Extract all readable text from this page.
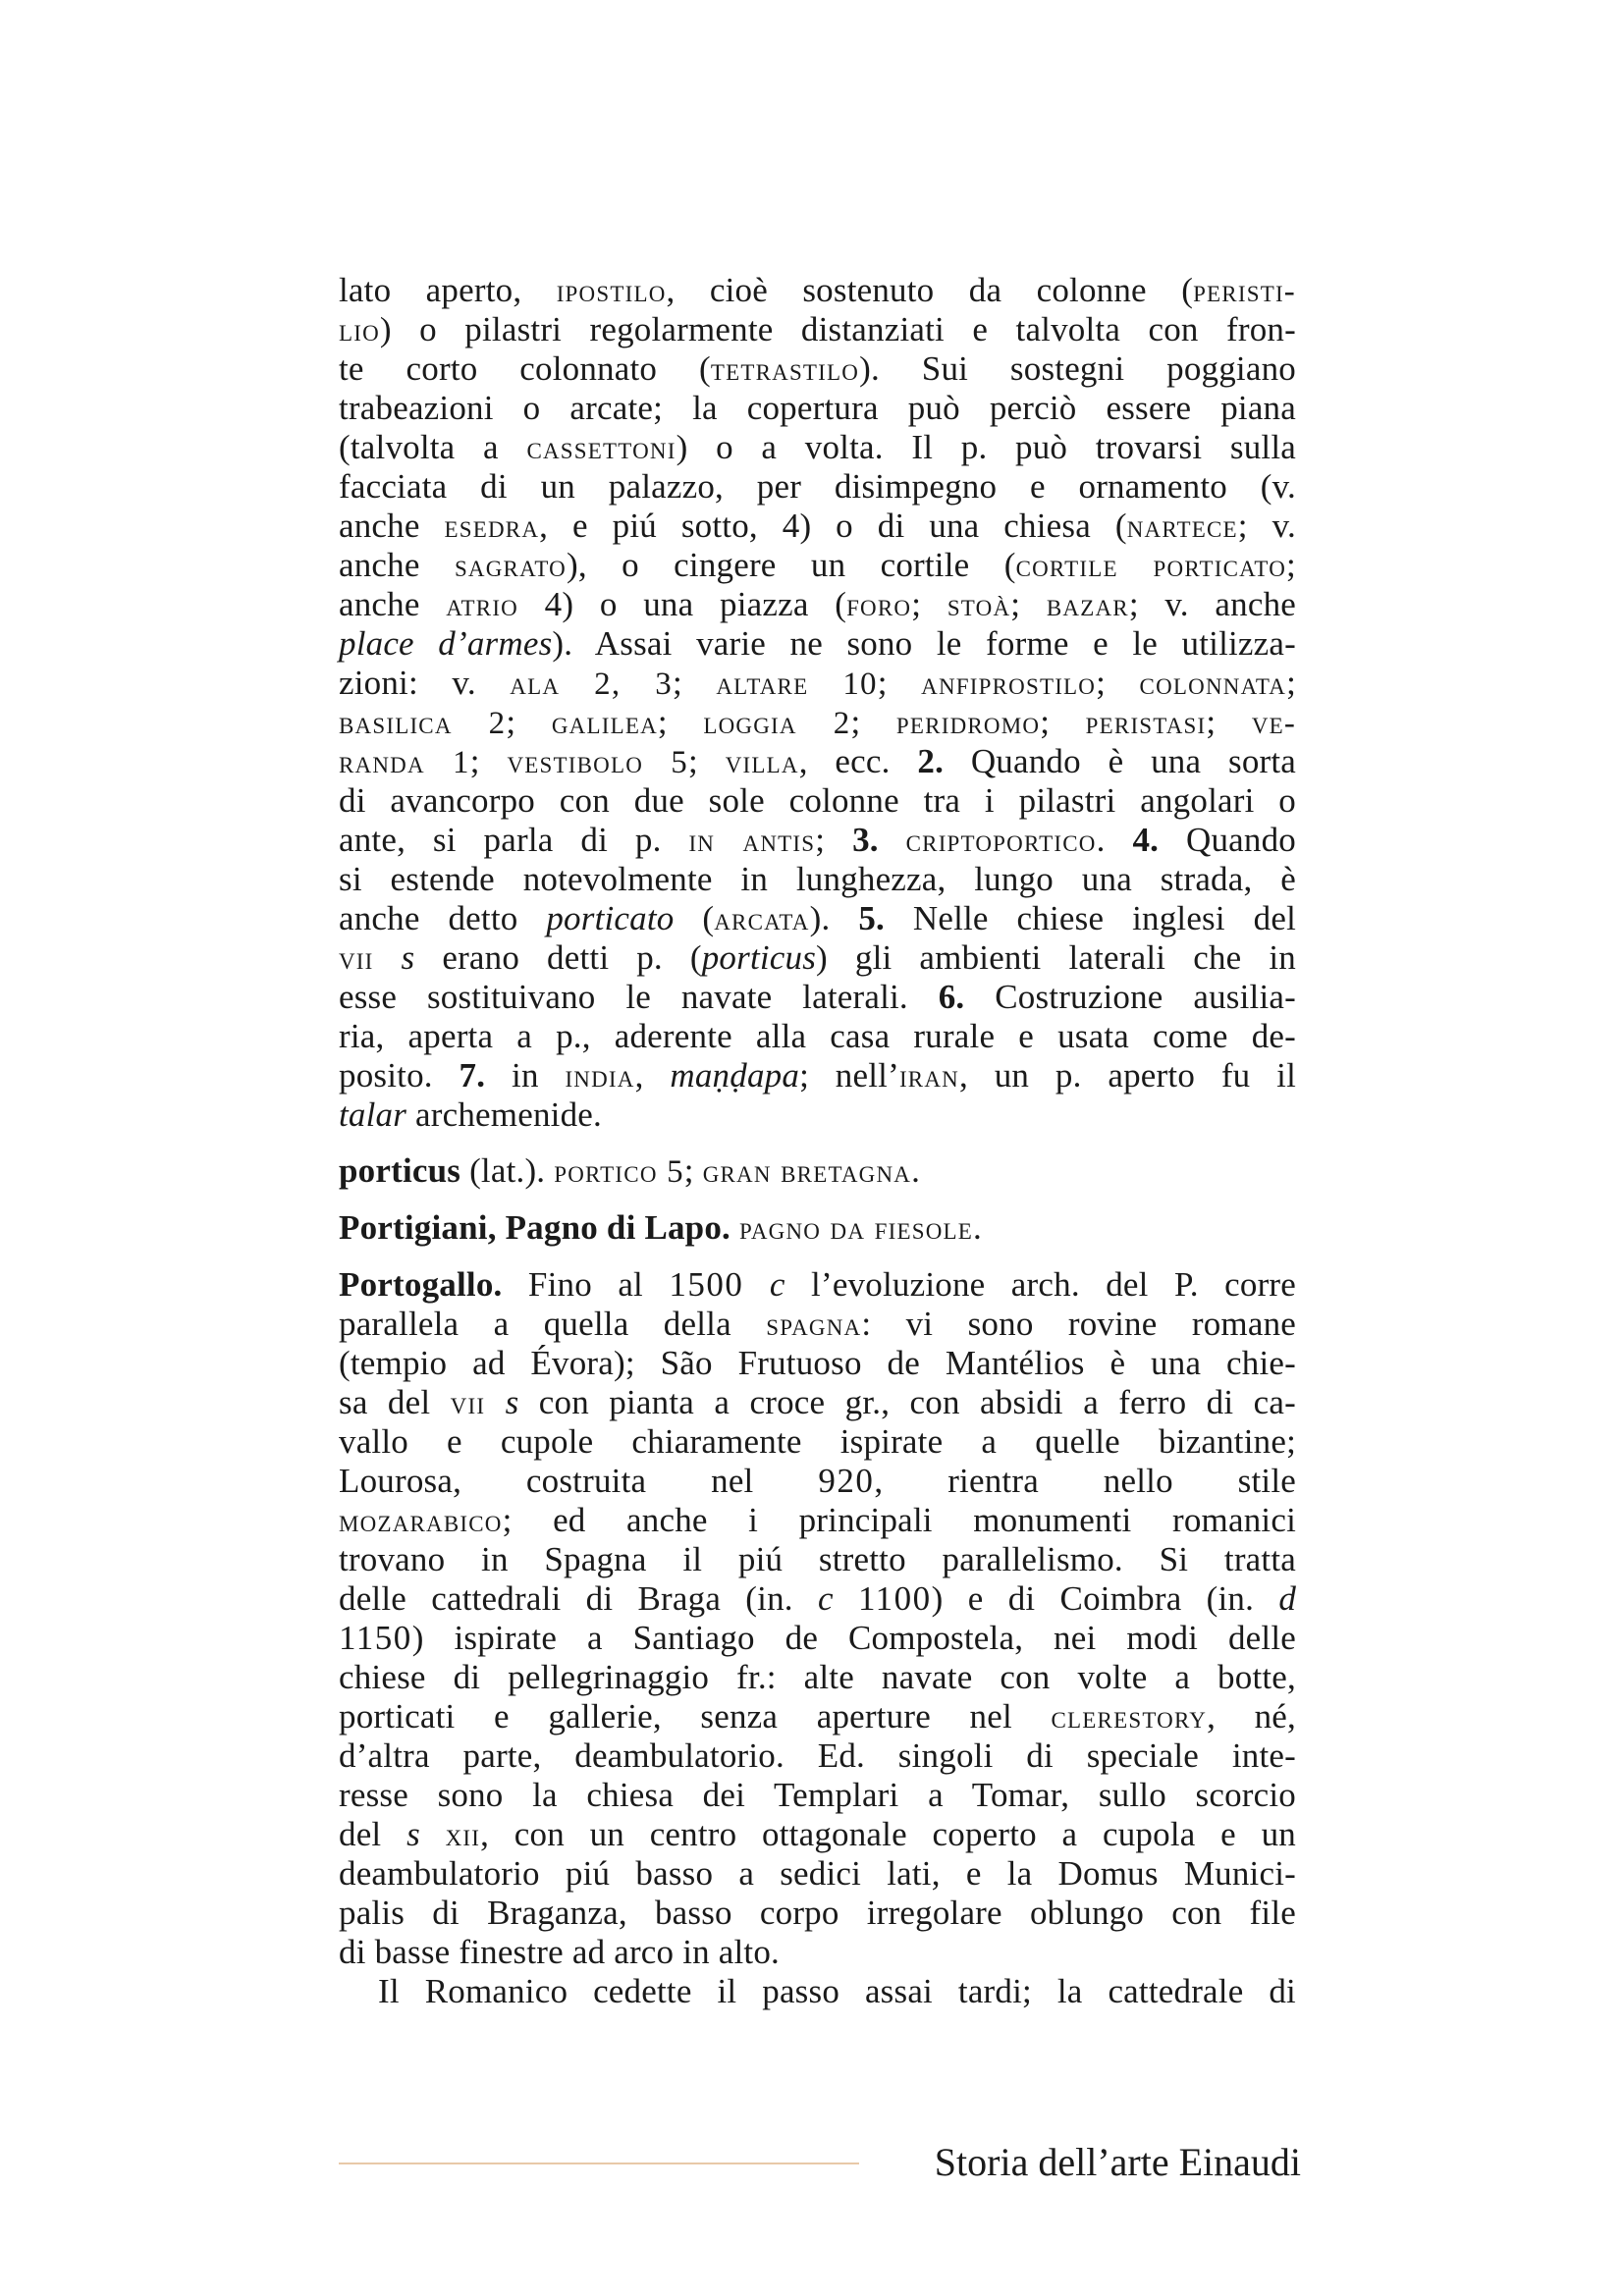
lato aperto, ipostilo, cioè sostenuto da colonne (peristi-
lio) o pilastri regolarmente distanziati e talvolta con fron-
te corto colonnato (tetrastilo). Sui sostegni poggiano
trabeazioni o arcate; la copertura può perciò essere piana
(talvolta a cassettoni) o a volta. Il p. può trovarsi sulla
facciata di un palazzo, per disimpegno e ornamento (v.
anche esedra, e piú sotto, 4) o di una chiesa (nartece; v.
anche sagrato), o cingere un cortile (cortile porticato;
anche atrio 4) o una piazza (foro; stoà; bazar; v. anche
place d’armes). Assai varie ne sono le forme e le utilizza-
zioni: v. ala 2, 3; altare 10; anfiprostilo; colonnata;
basilica 2; galilea; loggia 2; peridromo; peristasi; ve-
randa 1; vestibolo 5; villa, ecc. 2. Quando è una sorta
di avancorpo con due sole colonne tra i pilastri angolari o
ante, si parla di p. in antis; 3. criptoportico. 4. Quando
si estende notevolmente in lunghezza, lungo una strada, è
anche detto porticato (arcata). 5. Nelle chiese inglesi del
vii s erano detti p. (porticus) gli ambienti laterali che in
esse sostituivano le navate laterali. 6. Costruzione ausilia-
ria, aperta a p., aderente alla casa rurale e usata come de-
posito. 7. in india, maṇḍapa; nell’iran, un p. aperto fu il
talar archemenide.
porticus (lat.). portico 5; gran bretagna.
Portigiani, Pagno di Lapo. pagno da fiesole.
Portogallo. Fino al 1500 c l’evoluzione arch. del P. corre
parallela a quella della spagna: vi sono rovine romane
(tempio ad Évora); São Frutuoso de Mantélios è una chie-
sa del vii s con pianta a croce gr., con absidi a ferro di ca-
vallo e cupole chiaramente ispirate a quelle bizantine;
Lourosa, costruita nel 920, rientra nello stile
mozarabico; ed anche i principali monumenti romanici
trovano in Spagna il piú stretto parallelismo. Si tratta
delle cattedrali di Braga (in. c 1100) e di Coimbra (in. d
1150) ispirate a Santiago de Compostela, nei modi delle
chiese di pellegrinaggio fr.: alte navate con volte a botte,
porticati e gallerie, senza aperture nel clerestory, né,
d’altra parte, deambulatorio. Ed. singoli di speciale inte-
resse sono la chiesa dei Templari a Tomar, sullo scorcio
del s xii, con un centro ottagonale coperto a cupola e un
deambulatorio piú basso a sedici lati, e la Domus Munici-
palis di Braganza, basso corpo irregolare oblungo con file
di basse finestre ad arco in alto.
Il Romanico cedette il passo assai tardi; la cattedrale di
Storia dell’arte Einaudi
